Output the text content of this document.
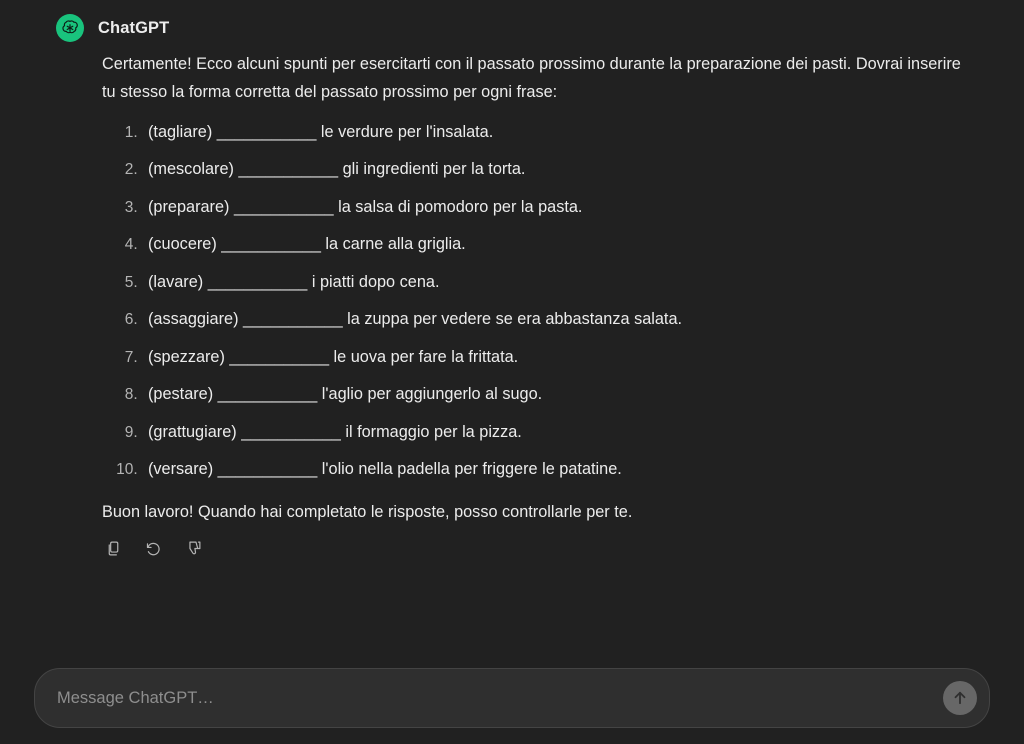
ChatGPT

Certamente! Ecco alcuni spunti per esercitarti con il passato prossimo durante la preparazione dei pasti. Dovrai inserire tu stesso la forma corretta del passato prossimo per ogni frase:

1. (tagliare) ___________ le verdure per l'insalata.
2. (mescolare) ___________ gli ingredienti per la torta.
3. (preparare) ___________ la salsa di pomodoro per la pasta.
4. (cuocere) ___________ la carne alla griglia.
5. (lavare) ___________ i piatti dopo cena.
6. (assaggiare) ___________ la zuppa per vedere se era abbastanza salata.
7. (spezzare) ___________ le uova per fare la frittata.
8. (pestare) ___________ l'aglio per aggiungerlo al sugo.
9. (grattugiare) ___________ il formaggio per la pizza.
10. (versare) ___________ l'olio nella padella per friggere le patatine.

Buon lavoro! Quando hai completato le risposte, posso controllarle per te.

Message ChatGPT…
